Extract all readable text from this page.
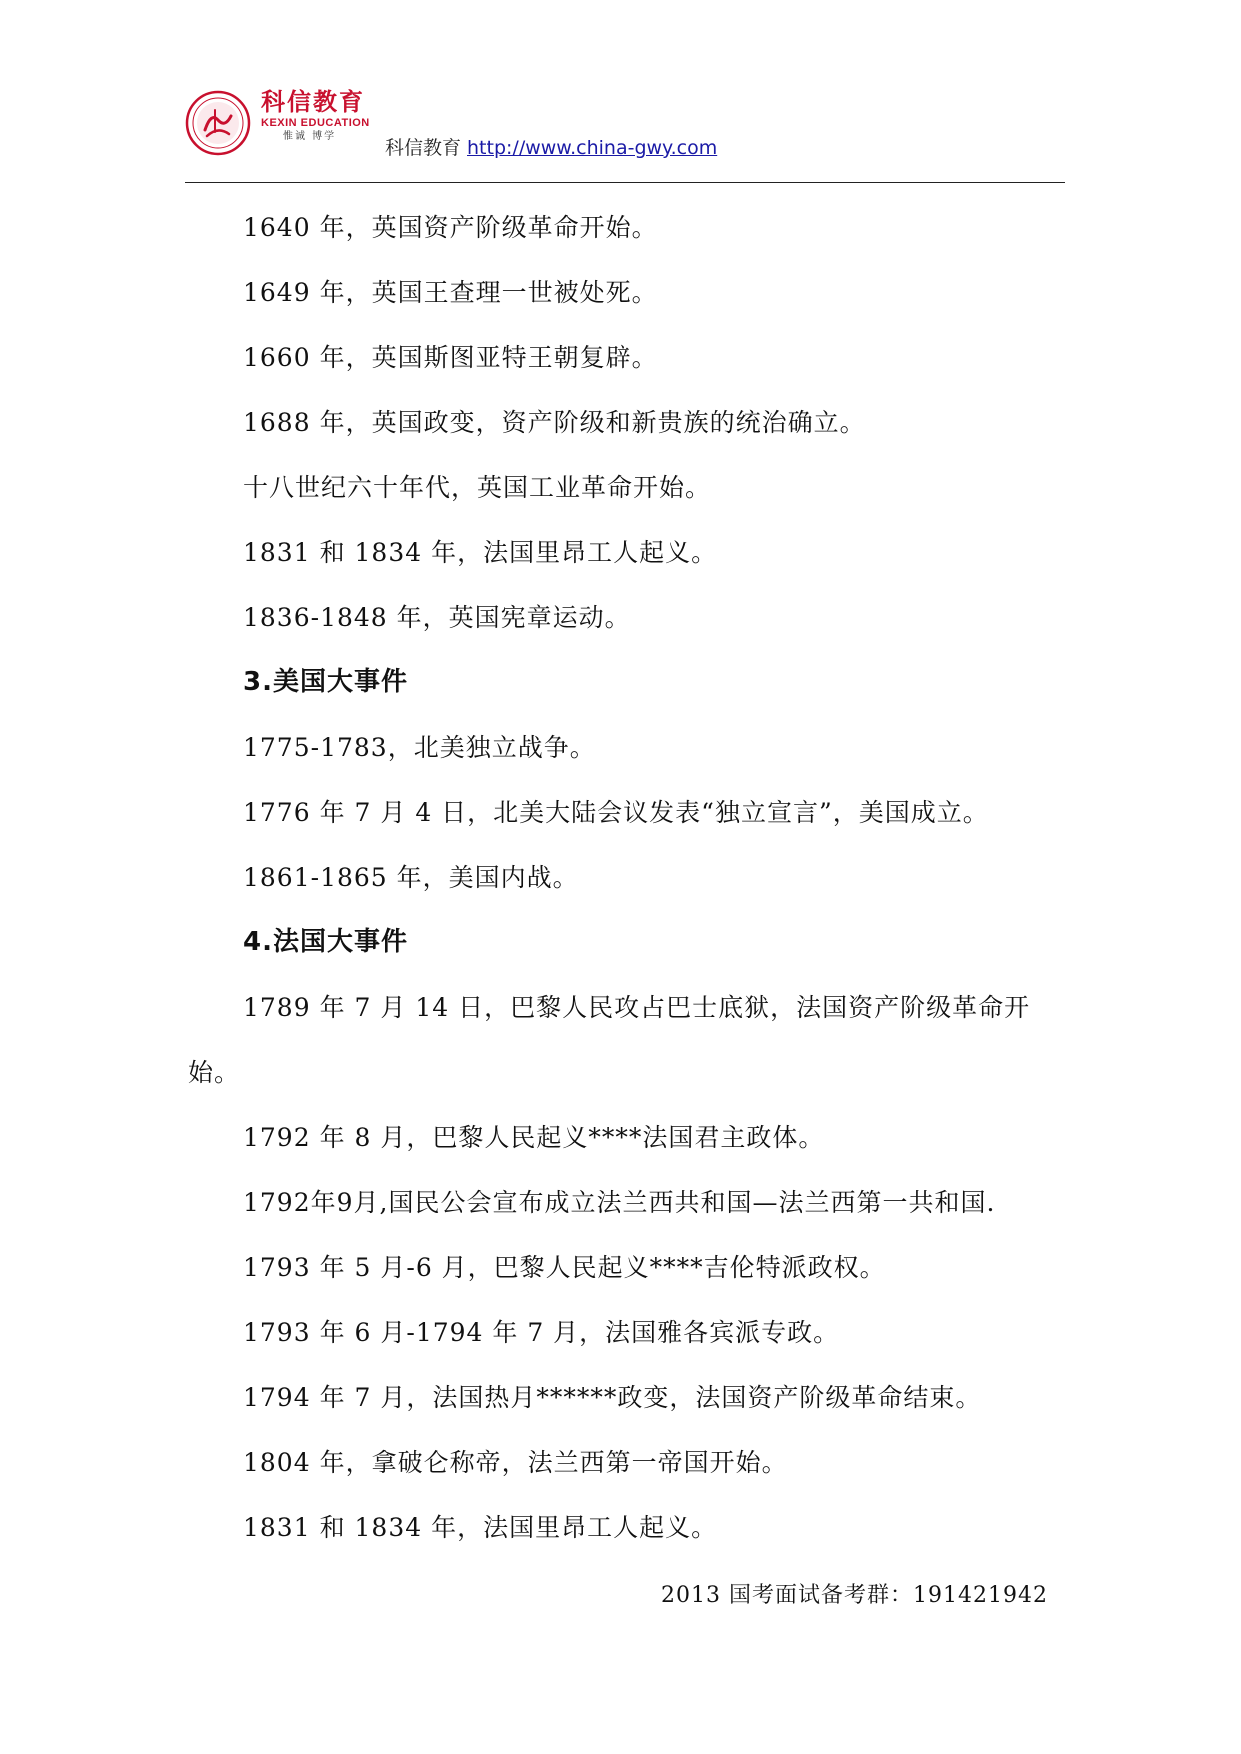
科信教育
KEXIN EDUCATION
惟诚 博学
科信教育 http://www.china-gwy.com
1640 年，英国资产阶级革命开始。
1649 年，英国王查理一世被处死。
1660 年，英国斯图亚特王朝复辟。
1688 年，英国政变，资产阶级和新贵族的统治确立。
十八世纪六十年代，英国工业革命开始。
1831 和 1834 年，法国里昂工人起义。
1836-1848 年，英国宪章运动。
3.美国大事件
1775-1783，北美独立战争。
1776 年 7 月 4 日，北美大陆会议发表“独立宣言”，美国成立。
1861-1865 年，美国内战。
4.法国大事件
1789 年 7 月 14 日，巴黎人民攻占巴士底狱，法国资产阶级革命开
始。
1792 年 8 月，巴黎人民起义****法国君主政体。
1792年9月,国民公会宣布成立法兰西共和国—法兰西第一共和国.
1793 年 5 月-6 月，巴黎人民起义****吉伦特派政权。
1793 年 6 月-1794 年 7 月，法国雅各宾派专政。
1794 年 7 月，法国热月******政变，法国资产阶级革命结束。
1804 年，拿破仑称帝，法兰西第一帝国开始。
1831 和 1834 年，法国里昂工人起义。
2013 国考面试备考群：191421942
